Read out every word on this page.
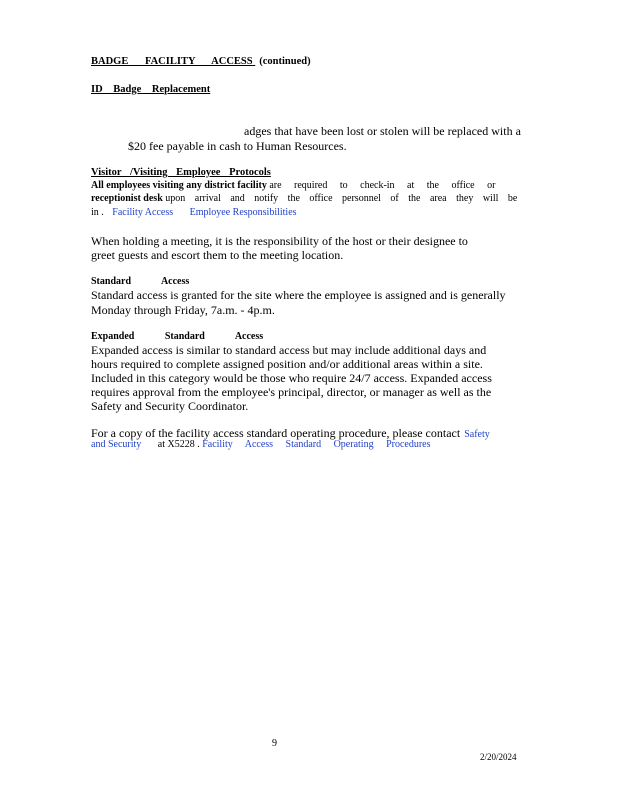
BADGE FACILITY ACCESS (continued)
ID Badge Replacement
adges that have been lost or stolen will be replaced with a
$20 fee payable in cash to Human Resources.
Visitor /Visiting Employee Protocols
All employees visiting any district facility are required to check-in at the office or
receptionist desk upon arrival and notify the office personnel of the area they will be
in . Facility Access Employee Responsibilities
When holding a meeting, it is the responsibility of the host or their designee to
greet guests and escort them to the meeting location.
Standard Access
Standard access is granted for the site where the employee is assigned and is generally
Monday through Friday, 7a.m. - 4p.m.
Expanded Standard Access
Expanded access is similar to standard access but may include additional days and
hours required to complete assigned position and/or additional areas within a site.
Included in this category would be those who require 24/7 access. Expanded access
requires approval from the employee's principal, director, or manager as well as the
Safety and Security Coordinator.
For a copy of the facility access standard operating procedure, please contact Safety
and Security at X5228 . Facility Access Standard Operating Procedures
9
2/20/2024
